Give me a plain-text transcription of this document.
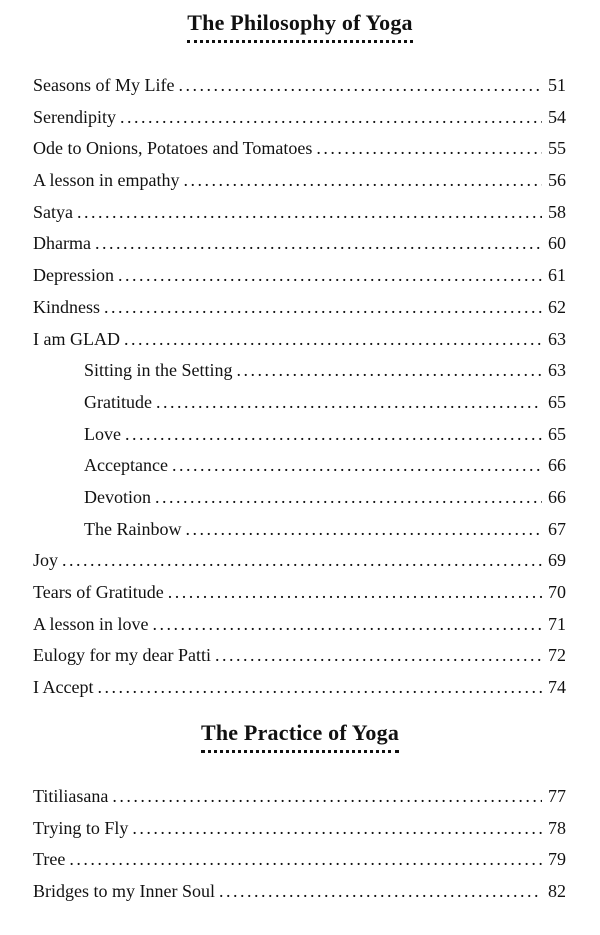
The Philosophy of Yoga
Seasons of My Life . . .	51
Serendipity . . .	54
Ode to Onions, Potatoes and Tomatoes . . .	55
A lesson in empathy . . .	56
Satya . . .	58
Dharma . . .	60
Depression . . .	61
Kindness . . .	62
I am GLAD . . .	63
Sitting in the Setting . . .	63
Gratitude . . .	65
Love . . .	65
Acceptance . . .	66
Devotion . . .	66
The Rainbow . . .	67
Joy . . .	69
Tears of Gratitude . . .	70
A lesson in love . . .	71
Eulogy for my dear Patti . . .	72
I Accept . . .	74
The Practice of Yoga
Titiliasana . . .	77
Trying to Fly . . .	78
Tree . . .	79
Bridges to my Inner Soul . . .	82
